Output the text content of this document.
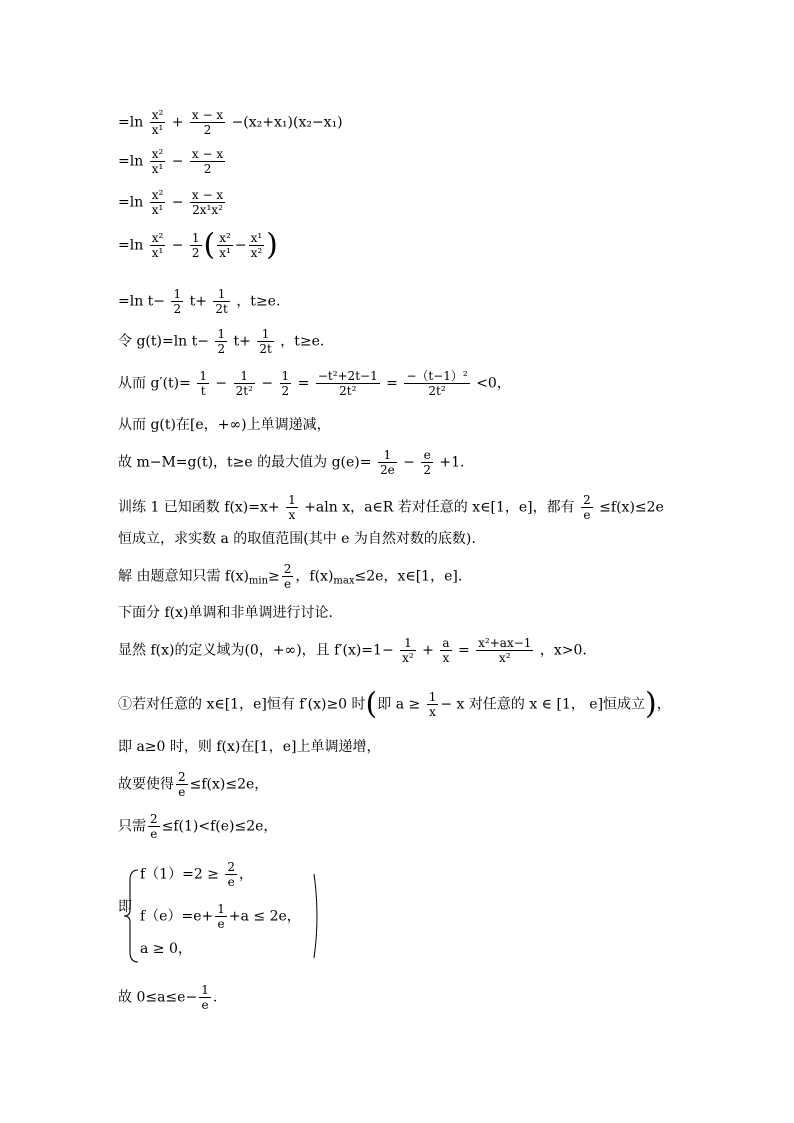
$=\ln \frac{\text{x²}}{\text{x¹}} + \frac{x - x}{2} -(x_2+x_1)(x_2-x_1)$
$=\ln \frac{\text{x²}}{\text{x¹}} - \frac{x - x}{2}$
$=\ln \frac{\text{x²}}{\text{x¹}} - \frac{x - x}{\text{2x¹x²}}$
$=\ln \frac{\text{x²}}{\text{x¹}} - \frac{1}{2}$ ( $\frac{\text{x²}}{\text{x¹}} - \frac{\text{x¹}}{\text{x²}}$ )
=ln $t- \frac{1}{2} t+ \frac{1}{2t}$ ，t≥e.
令 g(t)=ln $t- \frac{1}{2} t+ \frac{1}{2t}$ ，t≥e.
从而 $g'(t)= \frac{1}{t} - \frac{1}{\text{2t²}} - \frac{1}{2} = \frac{\text{−t²+2t−1}}{\text{2t²}} = \frac{\text{−（t−1）²}}{\text{2t²}} <0$，
从而 g(t)在[e，+∞)上单调递减，
故 m−M=g(t)，t≥e 的最大值为 $g(e)= \frac{1}{2e} - \frac{e}{2} +1$.
训练 1 已知函数 $f(x)=x+ \frac{1}{x} +aln$ x，a∈R 若对任意的 x∈[1，e]，都有 $\frac{2}{e} \le f(x)\le 2e$
恒成立，求实数 a 的取值范围(其中 e 为自然对数的底数).
解 由题意知只需 $f(x)_{min}\ge \frac{2}{e}$ ，$f(x)_{max}\le 2e$，x∈[1，e].
下面分 f(x)单调和非单调进行讨论.
显然 f(x)的定义域为(0，+∞)，且 $f'(x)=1- \frac{1}{\text{x²}} + \frac{a}{x} = \frac{\text{x²+ax−1}}{\text{x²}}$ ，x>0.
①若对任意的 x∈[1，e]恒有 f′(x)≥0 时(即 $a \ge \frac{1}{x} - x$ 对任意的 x ∈ [1， e]恒成立)，
即 a≥0 时，则 f(x)在[1，e]上单调递增，
故要使得 $\frac{2}{e} \le f(x)\le 2e$，
只需 $\frac{2}{e} \le f(1)<f(e)\le 2e$，
即
$f(1)=2 \ge \frac{2}{e}$ ，
$f(e)=e+ \frac{1}{e} +a \le 2e$，
a ≥ 0，
故 $0\le a\le e- \frac{1}{e}$ .
